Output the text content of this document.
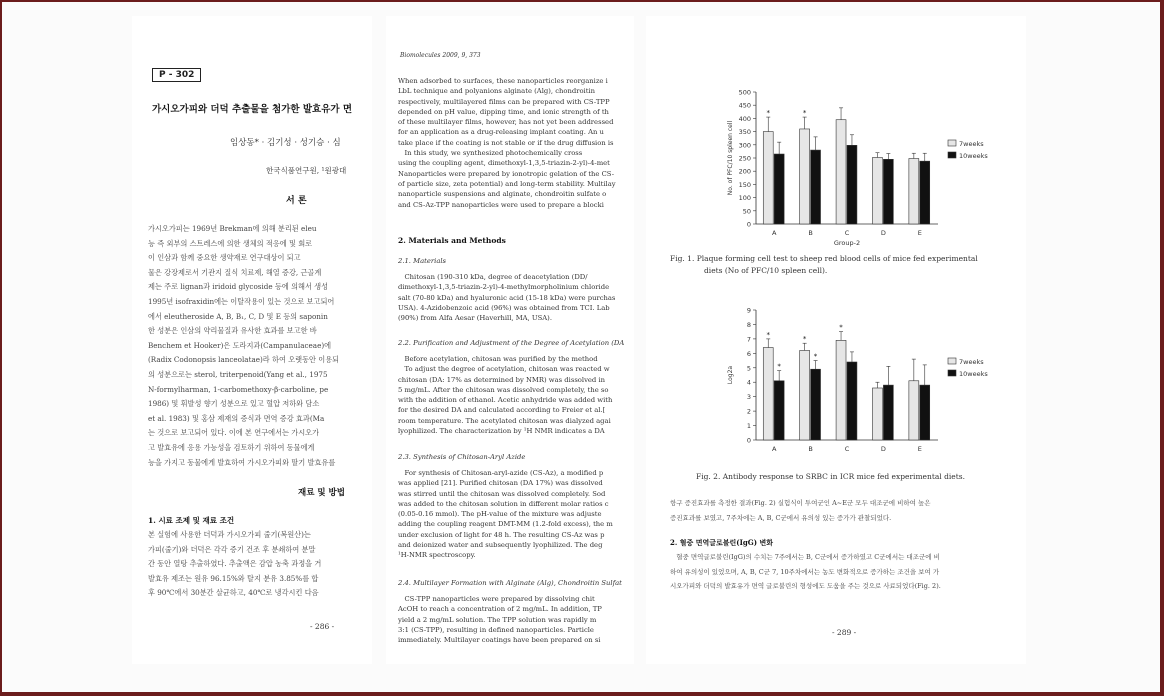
P - 302
가시오가피와 더덕 추출물을 첨가한 발효유가 면
임상동* · 김기성 · 성기승 · 심
한국식품연구원, ¹원광대
서 론
가시오가피는 1969년 Brekman에 의해 분리된 eleu
능 즉 외부의 스트레스에 의한 생체의 적응에 및 회로
이 인삼과 함께 중요한 생약재로 연구대상이 되고
물은 강장제로서 기관지 질식 치료제, 해열 증강, 근골계
제는 주로 lignan과 iridoid glycoside 등에 의해서 생성
1995년 isofraxidin에는 이탈작용이 있는 것으로 보고되어
에서 eleutheroside A, B, B₁, C, D 및 E 등의 saponin
한 성분은 인삼의 약리물질과 유사한 효과를 보고한 바
Benchem et Hooker)은 도라지과(Campanulaceae)에
(Radix Codonopsis lanceolatae)라 하여 오랫동안 이용되
의 성분으로는 sterol, triterpenoid(Yang et al., 1975
N-formylharman, 1-carbomethoxy-β-carboline, pe
1986) 및 휘발성 향기 성분으로 있고 혈압 저하와 담소
et al. 1983) 및 홍삼 제재의 증식과 면역 증강 효과(Ma
는 것으로 보고되어 있다. 이에 본 연구에서는 가시오가
고 발효유에 응용 가능성을 검토하기 위하여 동물에게
능을 가지고 동물에게 발효하여 가시오가피와 딸기 발효유를
재료 및 방법
1. 시료 조제 및 재료 조건
본 실험에 사용한 더덕과 가시오가피 줄기(복원산)는
가피(줄기)와 더덕은 각각 증기 건조 후 분쇄하여 분말
간 동안 열탕 추출하였다. 추출액은 감압 농축 과정을 거
발효유 제조는 원유 96.15%와 탈지 분유 3.85%를 합
후 90℃에서 30분간 살균하고, 40℃로 냉각시킨 다음
- 286 -
Biomolecules 2009, 9, 373
When adsorbed to surfaces, these nanoparticles reorganize i
LbL technique and polyanions alginate (Alg), chondroitin
respectively, multilayered films can be prepared with CS-TPP
depended on pH value, dipping time, and ionic strength of th
of these multilayer films, however, has not yet been addressed
for an application as a drug-releasing implant coating. An u
take place if the coating is not stable or if the drug diffusion is
In this study, we synthesized photochemically cross
using the coupling agent, dimethoxyl-1,3,5-triazin-2-yl)-4-met
Nanoparticles were prepared by ionotropic gelation of the CS-
of particle size, zeta potential) and long-term stability. Multilay
nanoparticle suspensions and alginate, chondroitin sulfate o
and CS-Az-TPP nanoparticles were used to prepare a blocki
2. Materials and Methods
2.1. Materials
Chitosan (190-310 kDa, degree of deacetylation (DD/
dimethoxyl-1,3,5-triazin-2-yl)-4-methylmorpholinium chloride
salt (70-80 kDa) and hyaluronic acid (15-18 kDa) were purchas
USA). 4-Azidobenzoic acid (96%) was obtained from TCI. Lab
(90%) from Alfa Aesar (Haverhill, MA, USA).
2.2. Purification and Adjustment of the Degree of Acetylation (DA
Before acetylation, chitosan was purified by the method
To adjust the degree of acetylation, chitosan was reacted w
chitosan (DA: 17% as determined by NMR) was dissolved in
5 mg/mL. After the chitosan was dissolved completely, the so
with the addition of ethanol. Acetic anhydride was added with
for the desired DA and calculated according to Freier et al.[
room temperature. The acetylated chitosan was dialyzed agai
lyophilized. The characterization by ¹H NMR indicates a DA
2.3. Synthesis of Chitosan-Aryl Azide
For synthesis of Chitosan-aryl-azide (CS-Az), a modified p
was applied [21]. Purified chitosan (DA 17%) was dissolved
was stirred until the chitosan was dissolved completely. Sod
was added to the chitosan solution in different molar ratios c
(0.05-0.16 mmol). The pH-value of the mixture was adjuste
adding the coupling reagent DMT-MM (1.2-fold excess), the m
under exclusion of light for 48 h. The resulting CS-Az was p
and deionized water and subsequently lyophilized. The deg
¹H-NMR spectroscopy.
2.4. Multilayer Formation with Alginate (Alg), Chondroitin Sulfat
CS-TPP nanoparticles were prepared by dissolving chit
AcOH to reach a concentration of 2 mg/mL. In addition, TP
yield a 2 mg/mL solution. The TPP solution was rapidly m
3:1 (CS-TPP), resulting in defined nanoparticles. Particle
immediately. Multilayer coatings have been prepared on si
0
50
100
150
200
250
300
350
400
450
500
A
*
B
*
C	D	E
No. of PFC/10 spleen cell
Group-2
7weeks
10weeks
Fig. 1. Plaque forming cell test to sheep red blood cells of mice fed experimental
diets (No of PFC/10 spleen cell).
0
1
2
3
4
5
6
7
8
9
A
*
*
B
*
*
C
*
D	E
Log2a
7weeks
10weeks
Fig. 2. Antibody response to SRBC in ICR mice fed experimental diets.
항구 증진효과를 측정한 결과(Fig. 2) 실험식이 투여군인 A~E군 모두 대조군에 비하여 높은
증진효과를 보였고, 7주차에는 A, B, C군에서 유의성 있는 증가가 관찰되었다.
2. 혈중 면역글로불린(IgG) 변화
혈중 면역글로불린(IgG)의 수치는 7주에서는 B, C군에서 증가하였고 C군에서는 대조군에 비
하여 유의성이 있었으며, A, B, C군 7, 10주차에서는 농도 변화적으로 증가하는 조건을 보여 가
시오가피와 더덕의 발효유가 면역 글로불린의 형성에도 도움을 주는 것으로 사료되었다(Fig. 2).
- 289 -
